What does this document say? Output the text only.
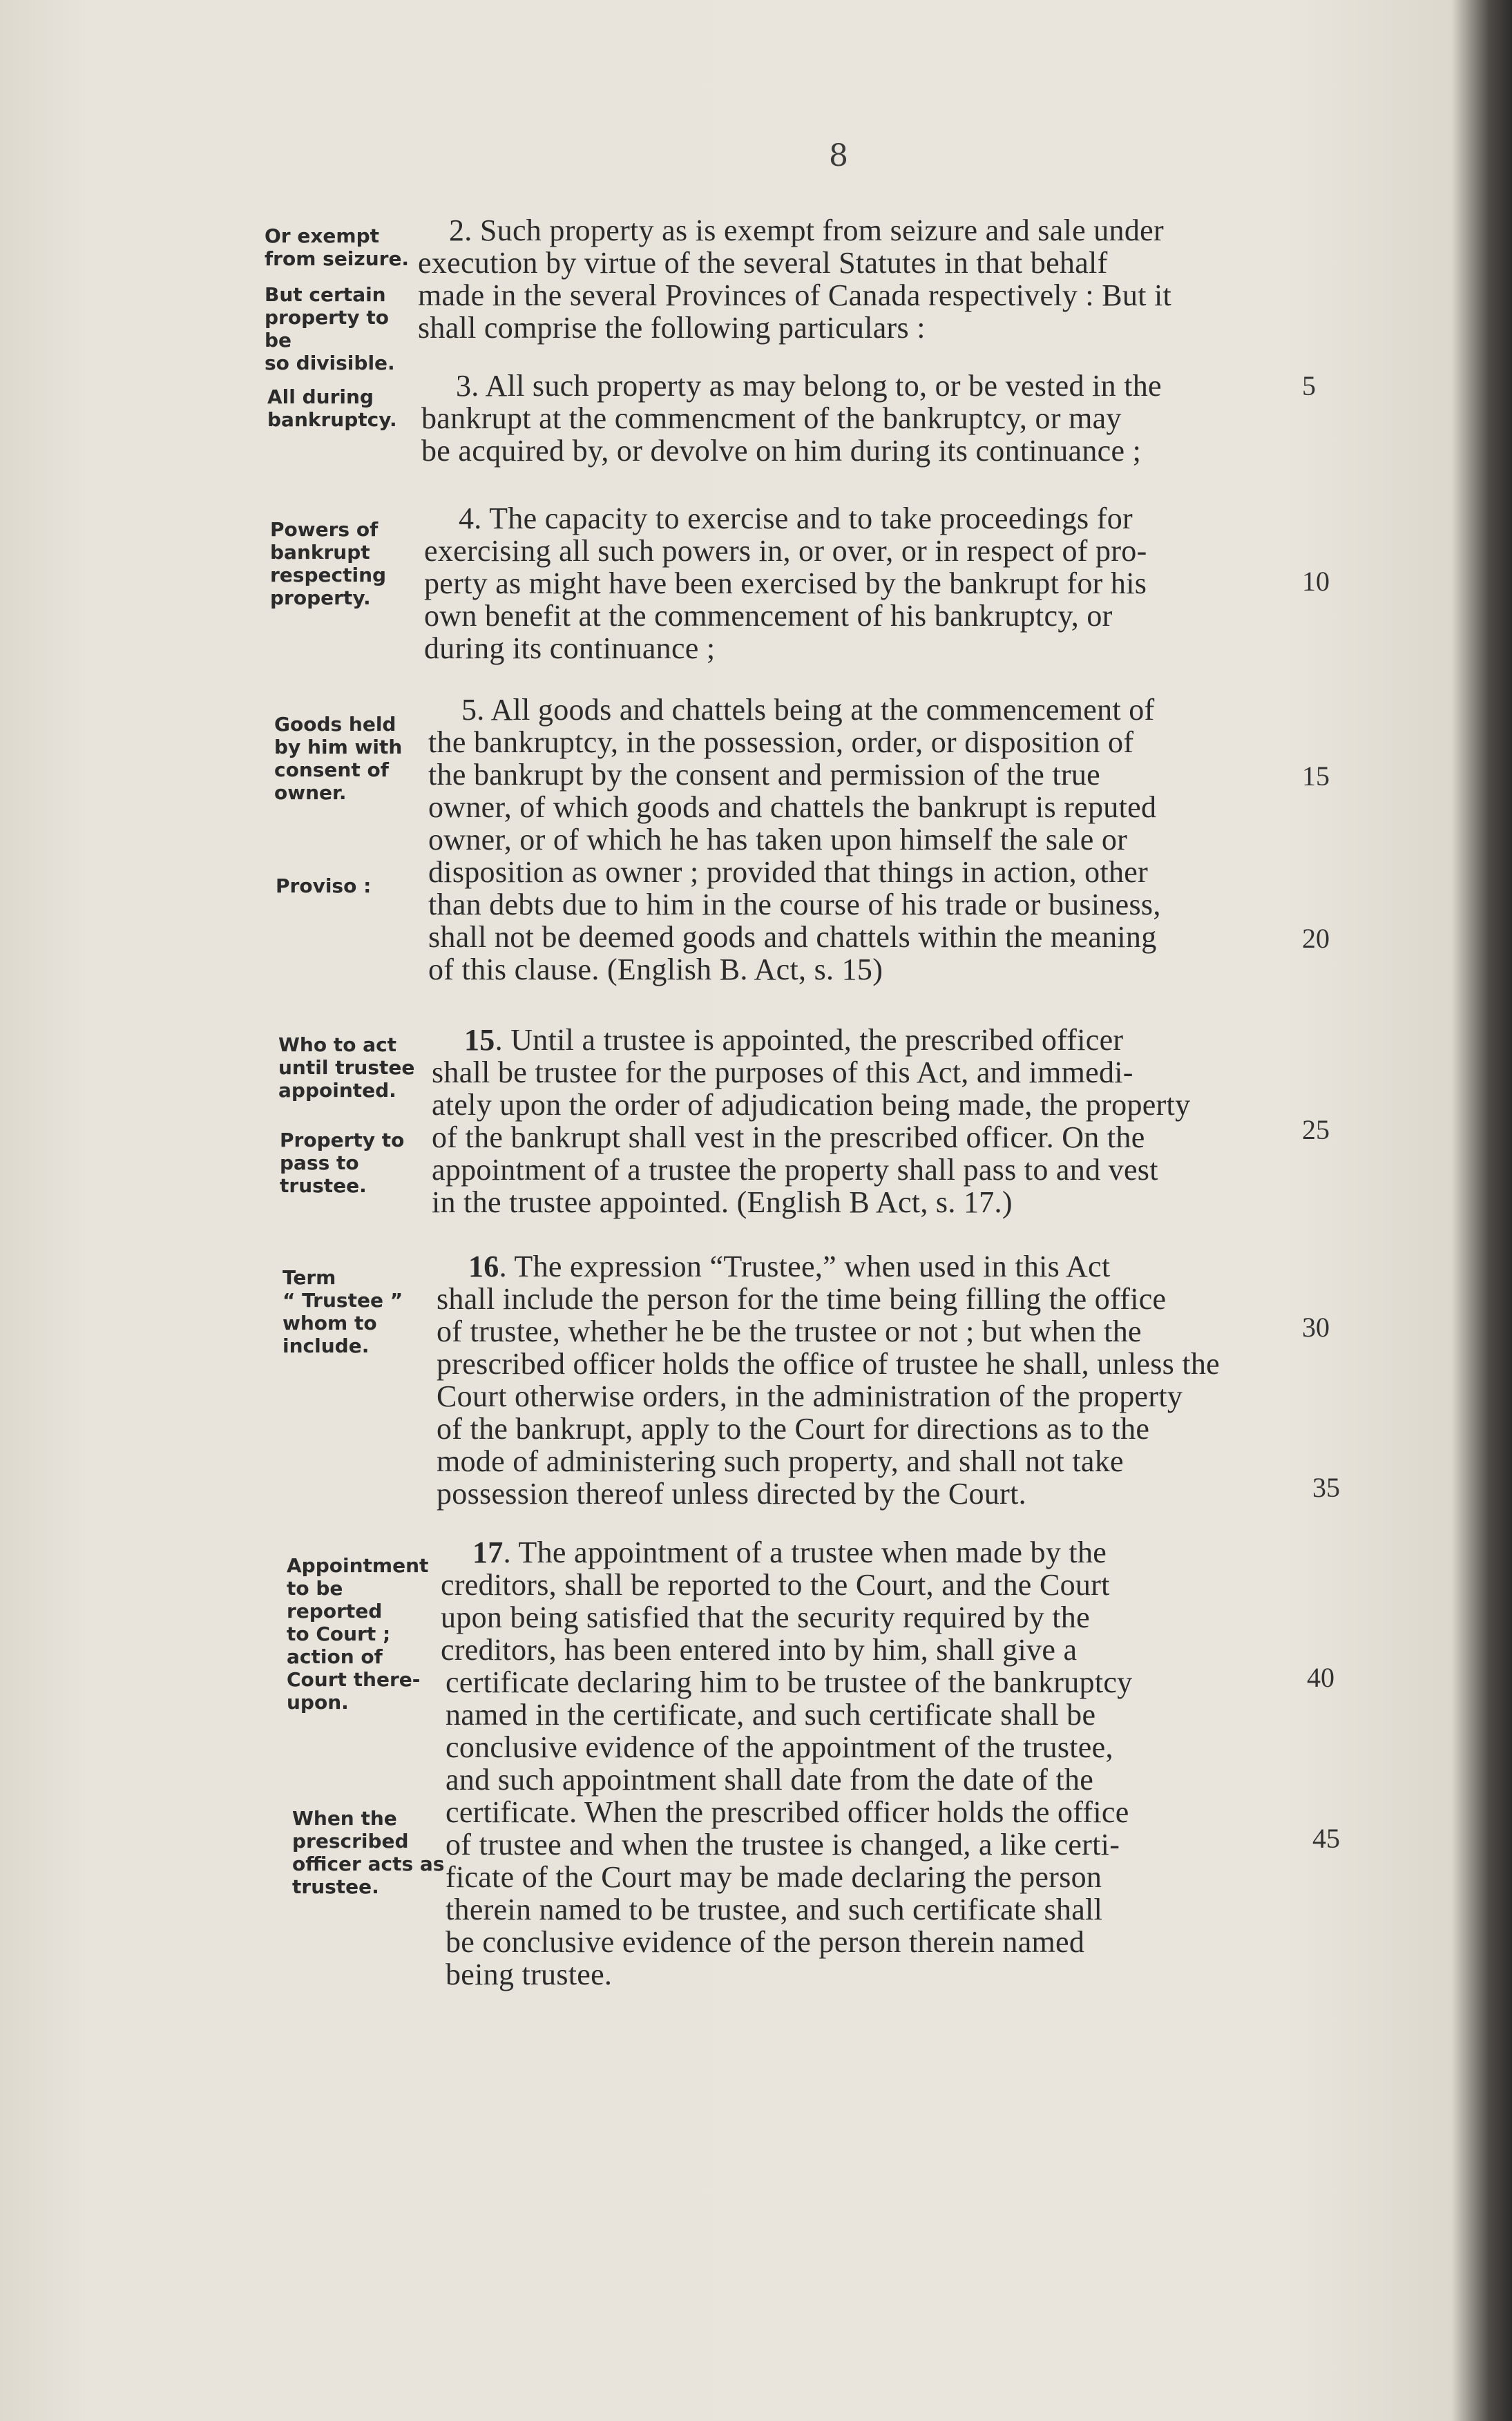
8
Or exempt
from seizure.
But certain
property to be
so divisible.
2. Such property as is exempt from seizure and sale under
execution by virtue of the several Statutes in that behalf
made in the several Provinces of Canada respectively : But it
shall comprise the following particulars :
All during
bankruptcy.
3. All such property as may belong to, or be vested in the
bankrupt at the commencment of the bankruptcy, or may
be acquired by, or devolve on him during its continuance ;
5
Powers of
bankrupt
respecting
property.
4. The capacity to exercise and to take proceedings for
exercising all such powers in, or over, or in respect of pro-
perty as might have been exercised by the bankrupt for his
own benefit at the commencement of his bankruptcy, or
during its continuance ;
10
Goods held
by him with
consent of
owner.
Proviso :
5. All goods and chattels being at the commencement of
the bankruptcy, in the possession, order, or disposition of
the bankrupt by the consent and permission of the true
owner, of which goods and chattels the bankrupt is reputed
owner, or of which he has taken upon himself the sale or
disposition as owner ; provided that things in action, other
than debts due to him in the course of his trade or business,
shall not be deemed goods and chattels within the meaning
of this clause. (English B. Act, s. 15)
15
20
Who to act
until trustee
appointed.
Property to
pass to
trustee.
15. Until a trustee is appointed, the prescribed officer
shall be trustee for the purposes of this Act, and immedi-
ately upon the order of adjudication being made, the property
of the bankrupt shall vest in the prescribed officer. On the
appointment of a trustee the property shall pass to and vest
in the trustee appointed. (English B Act, s. 17.)
25
Term
“ Trustee ”
whom to
include.
16. The expression “Trustee,” when used in this Act
shall include the person for the time being filling the office
of trustee, whether he be the trustee or not ; but when the
prescribed officer holds the office of trustee he shall, unless the
Court otherwise orders, in the administration of the property
of the bankrupt, apply to the Court for directions as to the
mode of administering such property, and shall not take
possession thereof unless directed by the Court.
30
35
Appointment
to be reported
to Court ;
action of
Court there-
upon.
When the
prescribed
officer acts as
trustee.
17. The appointment of a trustee when made by the
creditors, shall be reported to the Court, and the Court
upon being satisfied that the security required by the
creditors, has been entered into by him, shall give a
certificate declaring him to be trustee of the bankruptcy
named in the certificate, and such certificate shall be
conclusive evidence of the appointment of the trustee,
and such appointment shall date from the date of the
certificate. When the prescribed officer holds the office
of trustee and when the trustee is changed, a like certi-
ficate of the Court may be made declaring the person
therein named to be trustee, and such certificate shall
be conclusive evidence of the person therein named
being trustee.
40
45
